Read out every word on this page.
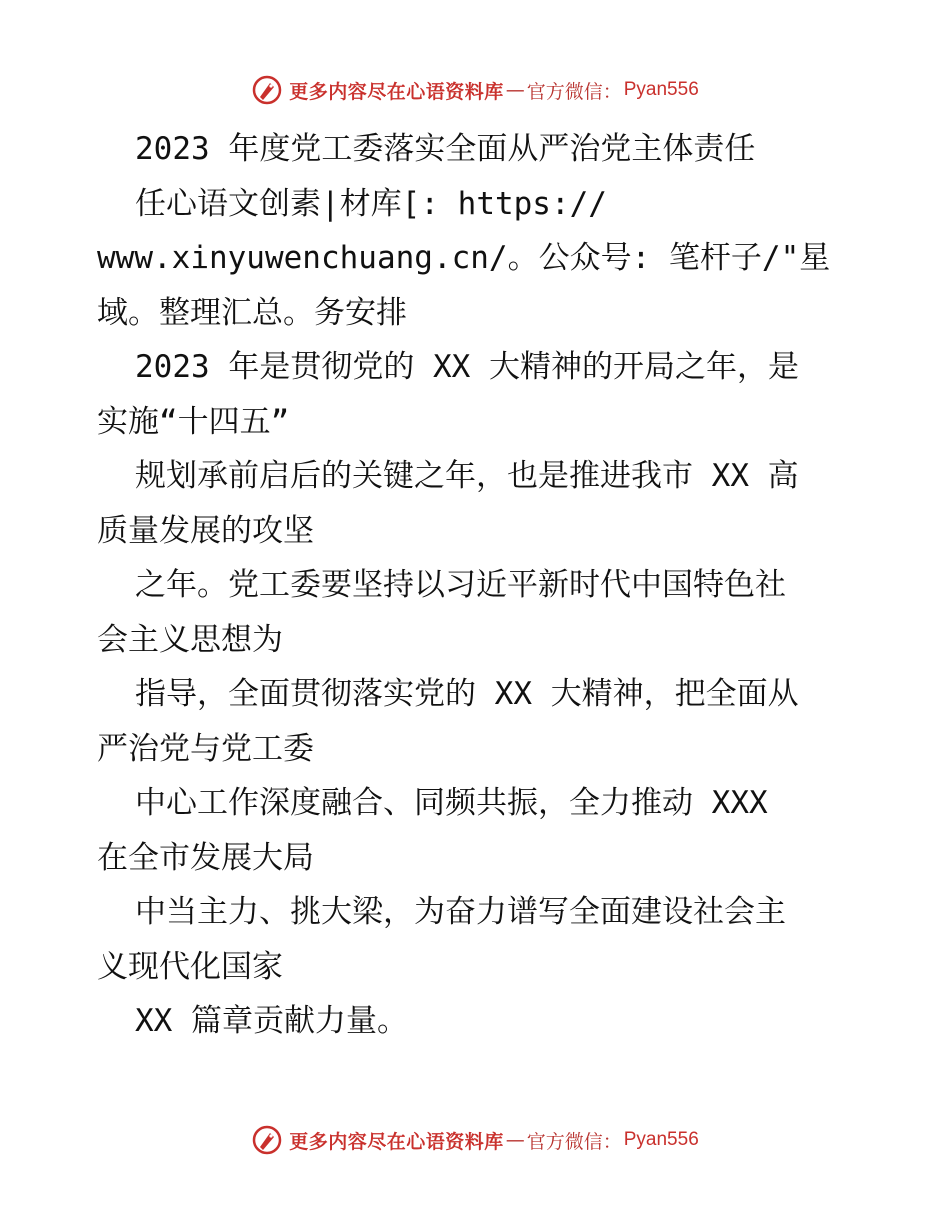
更多内容尽在心语资料库 — 官方微信： Pyan556
2023 年度党工委落实全面从严治党主体责任
任心语文创素|材库[: https://
www.xinyuwenchuang.cn/。公众号: 笔杆子/"星
域。整理汇总。务安排
2023 年是贯彻党的 XX 大精神的开局之年，是
实施“十四五”
规划承前启后的关键之年，也是推进我市 XX 高
质量发展的攻坚
之年。党工委要坚持以习近平新时代中国特色社
会主义思想为
指导，全面贯彻落实党的 XX 大精神，把全面从
严治党与党工委
中心工作深度融合、同频共振，全力推动 XXX
在全市发展大局
中当主力、挑大梁，为奋力谱写全面建设社会主
义现代化国家
XX 篇章贡献力量。
更多内容尽在心语资料库 — 官方微信： Pyan556
